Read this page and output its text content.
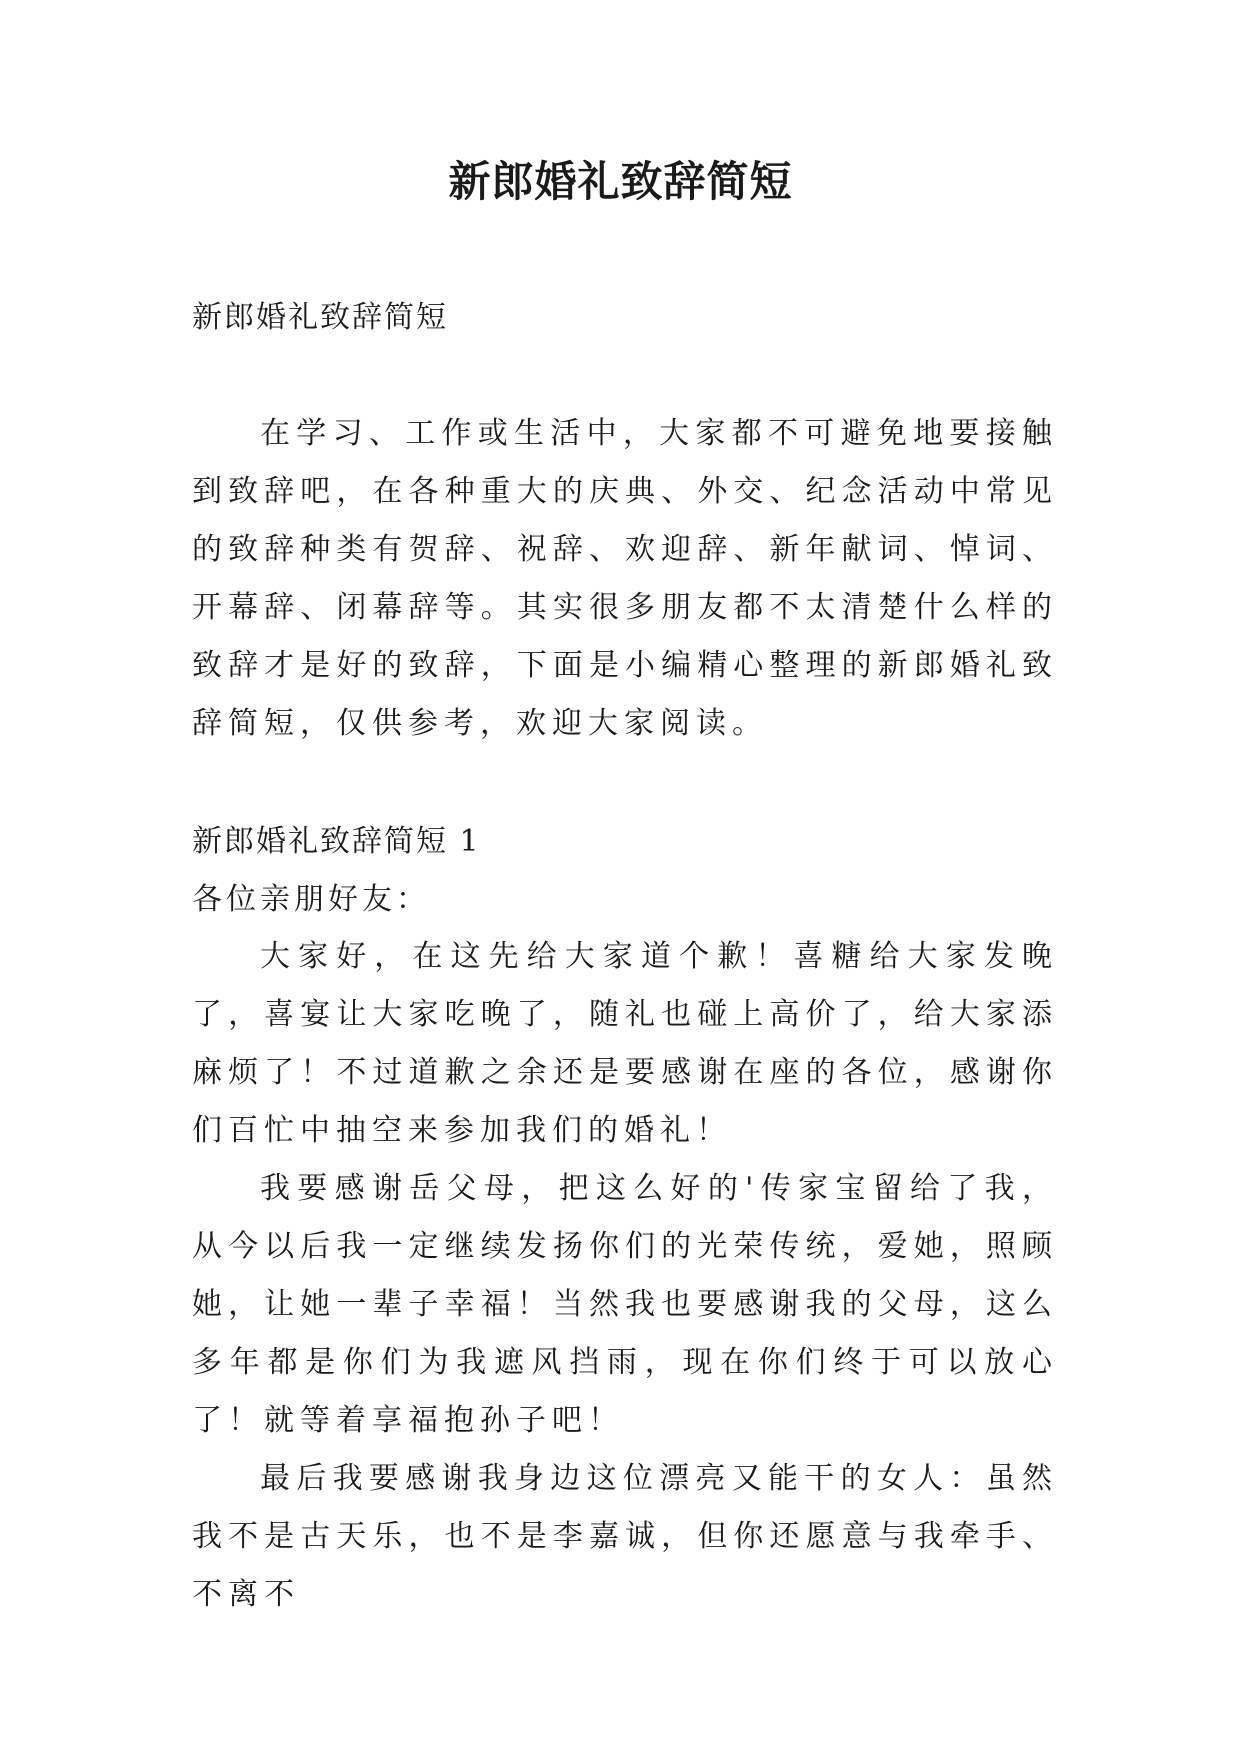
新郎婚礼致辞简短

新郎婚礼致辞简短

在学习、工作或生活中，大家都不可避免地要接触到致辞吧，在各种重大的庆典、外交、纪念活动中常见的致辞种类有贺辞、祝辞、欢迎辞、新年献词、悼词、开幕辞、闭幕辞等。其实很多朋友都不太清楚什么样的致辞才是好的致辞，下面是小编精心整理的新郎婚礼致辞简短，仅供参考，欢迎大家阅读。

新郎婚礼致辞简短 1

各位亲朋好友：

大家好，在这先给大家道个歉！喜糖给大家发晚了，喜宴让大家吃晚了，随礼也碰上高价了，给大家添麻烦了！不过道歉之余还是要感谢在座的各位，感谢你们百忙中抽空来参加我们的婚礼！

我要感谢岳父母，把这么好的'传家宝留给了我，从今以后我一定继续发扬你们的光荣传统，爱她，照顾她，让她一辈子幸福！当然我也要感谢我的父母，这么多年都是你们为我遮风挡雨，现在你们终于可以放心了！就等着享福抱孙子吧！

最后我要感谢我身边这位漂亮又能干的女人：虽然我不是古天乐，也不是李嘉诚，但你还愿意与我牵手、不离不
